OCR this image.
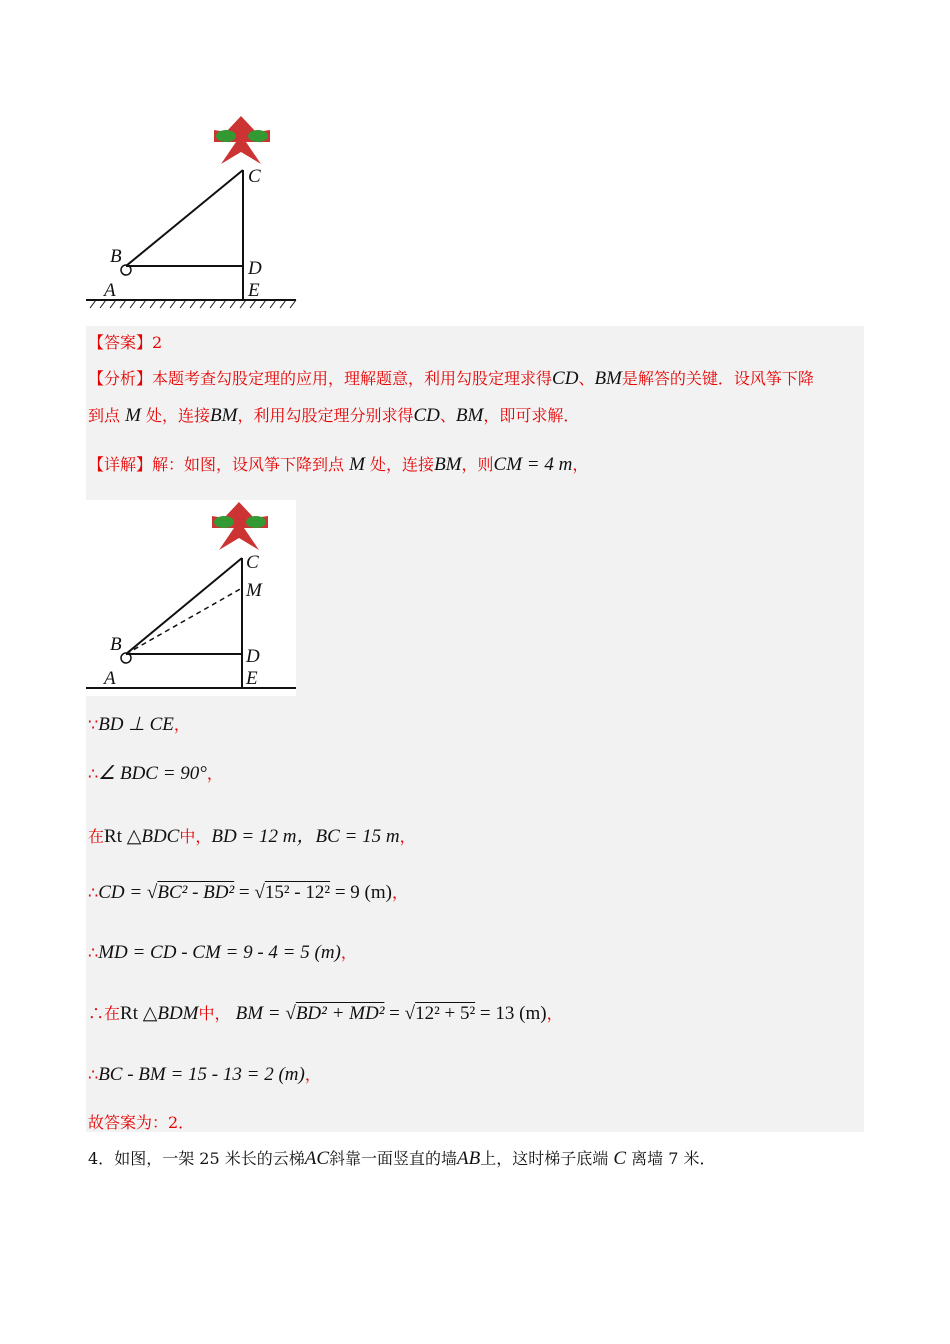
B
C
D
E
A
【答案】2
【分析】本题考查勾股定理的应用，理解题意，利用勾股定理求得CD、BM是解答的关键．设风筝下降
到点 M 处，连接BM，利用勾股定理分别求得CD、BM，即可求解．
【详解】解：如图，设风筝下降到点 M 处，连接BM，则CM = 4 m，
B
C
M
D
E
A
∵BD ⊥ CE，
∴∠ BDC = 90°，
在Rt △BDC中，BD = 12 m，BC = 15 m，
∴CD = √BC² - BD² = √15² - 12² = 9 (m)，
∴MD = CD - CM = 9 - 4 = 5 (m)，
∴在Rt △BDM中， BM = √BD² + MD² = √12² + 5² = 13 (m)，
∴BC - BM = 15 - 13 = 2 (m)，
故答案为：2．
4．如图，一架 25 米长的云梯AC斜靠一面竖直的墙AB上，这时梯子底端 C 离墙 7 米．
